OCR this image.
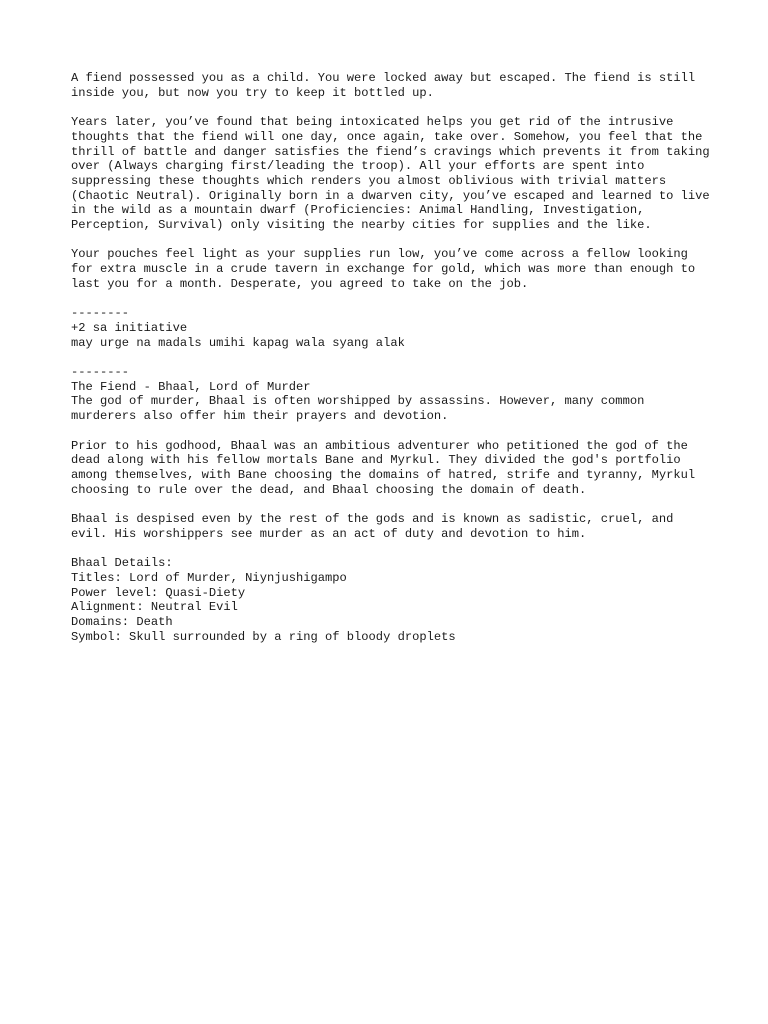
A fiend possessed you as a child. You were locked away but escaped. The fiend is still inside you, but now you try to keep it bottled up.

Years later, you’ve found that being intoxicated helps you get rid of the intrusive thoughts that the fiend will one day, once again, take over. Somehow, you feel that the thrill of battle and danger satisfies the fiend’s cravings which prevents it from taking over (Always charging first/leading the troop). All your efforts are spent into suppressing these thoughts which renders you almost oblivious with trivial matters (Chaotic Neutral). Originally born in a dwarven city, you’ve escaped and learned to live in the wild as a mountain dwarf (Proficiencies: Animal Handling, Investigation, Perception, Survival) only visiting the nearby cities for supplies and the like.

Your pouches feel light as your supplies run low, you’ve come across a fellow looking for extra muscle in a crude tavern in exchange for gold, which was more than enough to last you for a month. Desperate, you agreed to take on the job.

--------
+2 sa initiative
may urge na madals umihi kapag wala syang alak
--------
The Fiend - Bhaal, Lord of Murder
The god of murder, Bhaal is often worshipped by assassins. However, many common murderers also offer him their prayers and devotion.

Prior to his godhood, Bhaal was an ambitious adventurer who petitioned the god of the dead along with his fellow mortals Bane and Myrkul. They divided the god's portfolio among themselves, with Bane choosing the domains of hatred, strife and tyranny, Myrkul choosing to rule over the dead, and Bhaal choosing the domain of death.

Bhaal is despised even by the rest of the gods and is known as sadistic, cruel, and evil. His worshippers see murder as an act of duty and devotion to him.

Bhaal Details:
Titles: Lord of Murder, Niynjushigampo
Power level: Quasi-Diety
Alignment: Neutral Evil
Domains: Death
Symbol: Skull surrounded by a ring of bloody droplets
